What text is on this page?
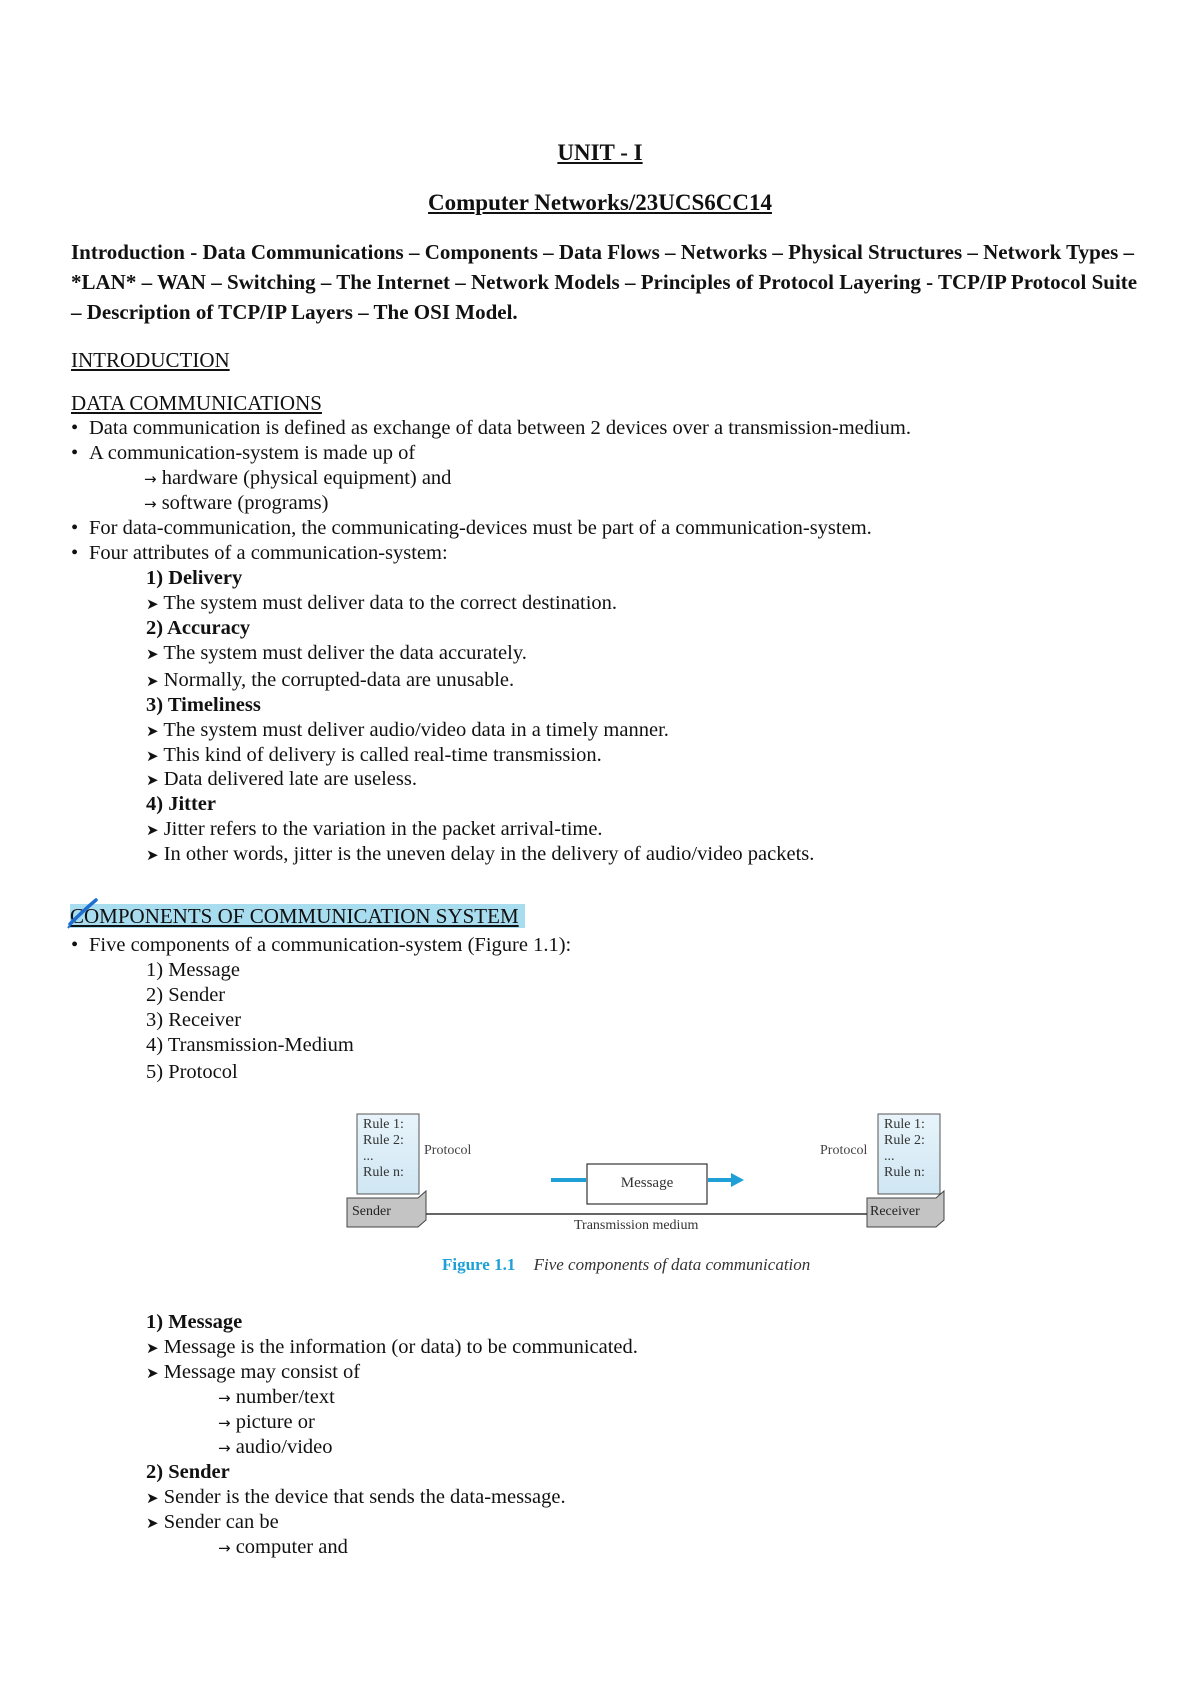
UNIT - I
Computer Networks/23UCS6CC14
Introduction - Data Communications – Components – Data Flows – Networks – Physical Structures – Network Types – *LAN* – WAN – Switching – The Internet – Network Models – Principles of Protocol Layering - TCP/IP Protocol Suite – Description of TCP/IP Layers – The OSI Model.
INTRODUCTION
DATA COMMUNICATIONS
• Data communication is defined as exchange of data between 2 devices over a transmission-medium.
• A communication-system is made up of
→ hardware (physical equipment) and
→ software (programs)
• For data-communication, the communicating-devices must be part of a communication-system.
• Four attributes of a communication-system:
1) Delivery
➤ The system must deliver data to the correct destination.
2) Accuracy
➤ The system must deliver the data accurately.
➤ Normally, the corrupted-data are unusable.
3) Timeliness
➤ The system must deliver audio/video data in a timely manner.
➤ This kind of delivery is called real-time transmission.
➤ Data delivered late are useless.
4) Jitter
➤ Jitter refers to the variation in the packet arrival-time.
➤ In other words, jitter is the uneven delay in the delivery of audio/video packets.
COMPONENTS OF COMMUNICATION SYSTEM
• Five components of a communication-system (Figure 1.1):
1) Message
2) Sender
3) Receiver
4) Transmission-Medium
5) Protocol
Rule 1:
Rule 2:
...
Rule n:
Rule 1:
Rule 2:
...
Rule n:
Protocol	Protocol
Message
Sender	Receiver
Transmission medium
Figure 1.1 Five components of data communication
1) Message
➤ Message is the information (or data) to be communicated.
➤ Message may consist of
→ number/text
→ picture or
→ audio/video
2) Sender
➤ Sender is the device that sends the data-message.
➤ Sender can be
→ computer and
